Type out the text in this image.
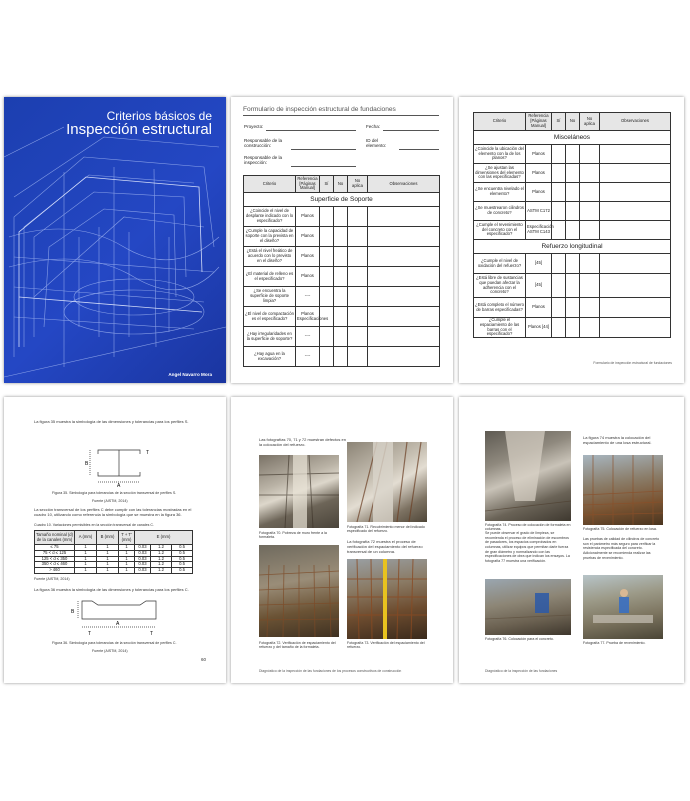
Criterios básicos de
Inspección estructural
Angel Navarro Mora
Formulario de inspección estructural de fundaciones
Proyecto:	Fecha:
Responsable de la construcción:
ID del elemento:
Responsable de la inspección:
Criterio	Referencia [Páginas Manual]	Sí	No	No aplica	Observaciones
Superficie de Soporte					
¿Coincide el nivel de desplante indicado con lo especificado?	Planos				
¿Cumple la capacidad de soporte con la prevista en el diseño?	Planos				
¿Está el nivel freático de acuerdo con lo previsto en el diseño?	Planos				
¿El material de relleno es el especificado?	Planos				
¿Se encuentra la superficie de soporte limpia?	----				
¿El nivel de compactación es el especificado?	Planos Especificaciones				
¿Hay irregularidades en la superficie de soporte?	----				
¿Hay agua en la excavación?	----				
Criterio	Referencia [Páginas Manual]	Sí	No	No aplica	Observaciones
Misceláneos					
¿Coincide la ubicación del elemento con la de los planos?	Planos				
¿Se ajustan las dimensiones del elemento con las especificadas?	Planos				
¿Se encuentra nivelado el elemento?	Planos				
¿Se muestrearon cilindros de concreto?	ASTM C172				
¿Cumple el revenimiento del concreto con el especificado?	Especificación ASTM C143				
Refuerzo longitudinal					
¿Cumple el nivel de oxidación del refuerzo?	[45]				
¿Está libre de sustancias que puedan afectar la adherencia con el concreto?	[45]				
¿Está completo el número de barras especificadas?	Planos				
¿Cumple el espaciamiento de las barras con el especificado?	Planos [44]				
Formulario de inspección estructural de fundaciones
La figura 35 muestra la simbología de las dimensiones y tolerancias para los perfiles S.
B
A
T
Figura 35. Simbología para tolerancias de la sección transversal de perfiles S.
Fuente (AISTM, 2014)
La sección transversal de los perfiles C debe cumplir con las tolerancias mostradas en el cuadro 10, utilizando como referencia la simbología que se muestra en la figura 36.
Cuadro 10. Variaciones permisibles en la sección transversal de canales C.
Tamaño nominal (d) de la canales (mm)	A (mm)	B (mm)	T + T' (mm)	E (mm)		
≤ 75	1	1	1	0.03	1.2	0.5
75 < d ≤ 125	1	1	1	0.03	1.2	0.5
125 < d ≤ 350	1	1	1	0.03	1.2	0.5
350 < d ≤ 460	1	1	1	0.03	1.2	0.5
> 460	1	1	1	0.03	1.2	0.5
Fuente (AISTM, 2014)
La figura 36 muestra la simbología de las dimensiones y tolerancias para los perfiles C.
B
A
T	T
Figura 36. Simbología para tolerancias de la sección transversal de perfiles C.
Fuente (AISTM, 2014)
60
Las fotografías 70, 71 y 72 muestran defectos en la colocación del refuerzo.
Fotografía 70. Pobreza de muro frente a la formaleta.
Fotografía 71. Recubrimiento menor del indicado especificado del refuerzo.
La fotografía 72 muestra el proceso de verificación del espaciamiento del refuerzo transversal de un columna.
Fotografía 72. Verificación de espaciamiento del refuerzo y del tamaño de la formaleta.
Fotografía 73. Verificación del espaciamiento del refuerzo.
Diagnóstico de la inspección de las fundaciones de los procesos constructivos de construcción
La figura 74 muestra la colocación del espaciamiento de una losa estructural.
Fotografía 74. Proceso de colocación de formaleta en columnas.	Fotografía 75. Colocación de refuerzo en losa.
Se puede observar el grado de limpieza, se recomienda el proceso de eliminación de escombros de pasadores, los espacios comprobados en columnas, utilizar equipos que permitan darle fuerza de gran diámetro y normalizando con las especificaciones de obra que indican los ensayos. La fotografía 77 muestra una verificación.
Las pruebas de calidad de cilindros de concreto son el parámetro más seguro para verificar la resistencia especificada del concreto. Adicionalmente se recomienda realizar las pruebas de revenimiento.
Fotografía 76. Colocación para el concreto.
Fotografía 77. Prueba de revenimiento.
Diagnóstico de la inspección de las fundaciones
